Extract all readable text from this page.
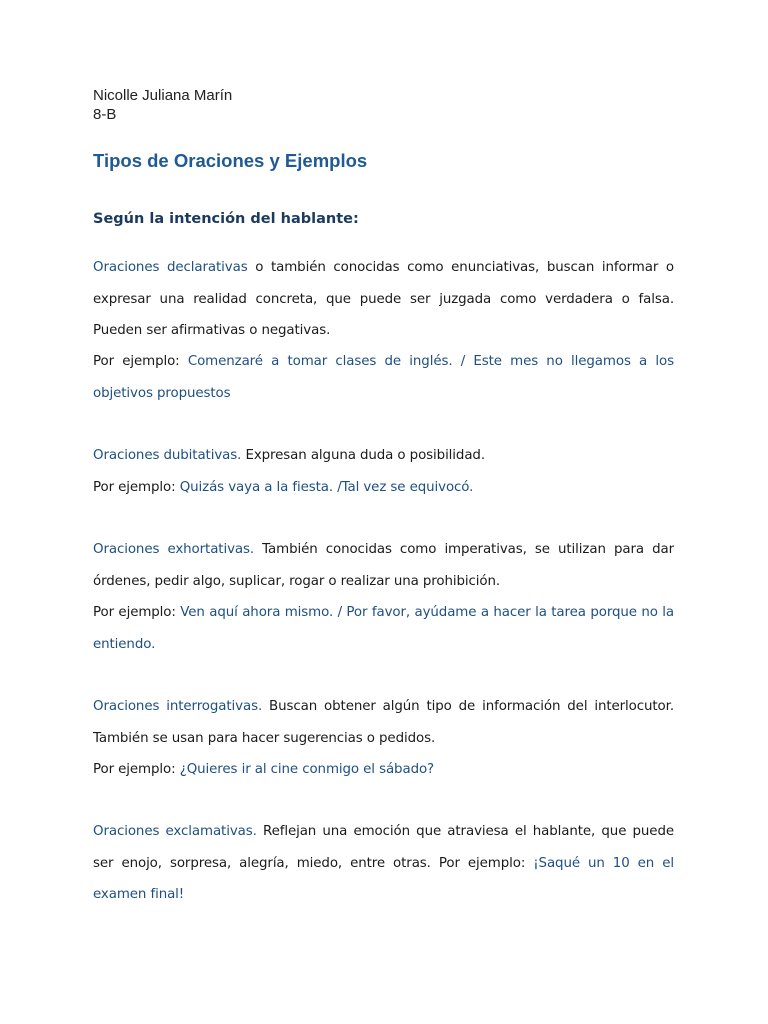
Nicolle Juliana Marín

8-B

Tipos de Oraciones y Ejemplos
Según la intención del hablante:

Oraciones declarativas o también conocidas como enunciativas, buscan informar o expresar una realidad concreta, que puede ser juzgada como verdadera o falsa. Pueden ser afirmativas o negativas.

Por ejemplo: Comenzaré a tomar clases de inglés. / Este mes no llegamos a los objetivos propuestos

Oraciones dubitativas. Expresan alguna duda o posibilidad.

Por ejemplo: Quizás vaya a la fiesta. /Tal vez se equivocó.

Oraciones exhortativas. También conocidas como imperativas, se utilizan para dar órdenes, pedir algo, suplicar, rogar o realizar una prohibición.

Por ejemplo: Ven aquí ahora mismo. / Por favor, ayúdame a hacer la tarea porque no la entiendo.

Oraciones interrogativas. Buscan obtener algún tipo de información del interlocutor. También se usan para hacer sugerencias o pedidos.

Por ejemplo: ¿Quieres ir al cine conmigo el sábado?

Oraciones exclamativas. Reflejan una emoción que atraviesa el hablante, que puede ser enojo, sorpresa, alegría, miedo, entre otras. Por ejemplo: ¡Saqué un 10 en el examen final!
